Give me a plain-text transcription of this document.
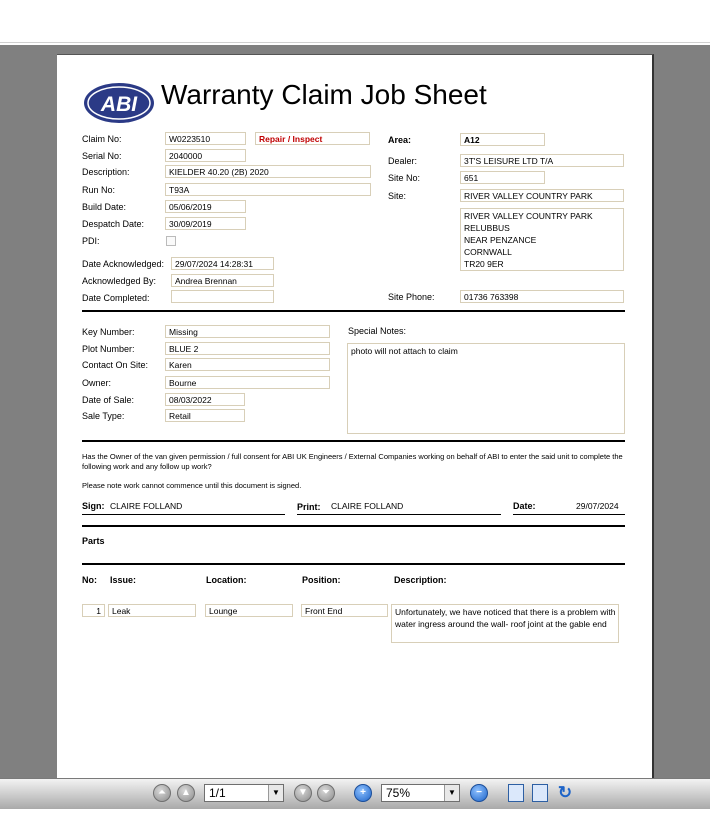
ABI Warranty Claim Job Sheet
Claim No:	W0223510	Repair / Inspect
Serial No:	2040000
Description:	KIELDER 40.20 (2B) 2020
Run No:	T93A
Build Date:	05/06/2019
Despatch Date:	30/09/2019
PDI:
Date Acknowledged:	29/07/2024 14:28:31
Acknowledged By:	Andrea Brennan
Date Completed:
Area:	A12
Dealer:	3T'S LEISURE LTD T/A
Site No:	651
Site:	RIVER VALLEY COUNTRY PARK
RIVER VALLEY COUNTRY PARK
RELUBBUS
NEAR PENZANCE
CORNWALL
TR20 9ER
Site Phone:	01736 763398
Key Number:	Missing
Plot Number:	BLUE 2
Contact On Site:	Karen
Owner:	Bourne
Date of Sale:	08/03/2022
Sale Type:	Retail
Special Notes:
photo will not attach to claim
Has the Owner of the van given permission / full consent for ABI UK Engineers / External Companies working on behalf of ABI to enter the said unit to complete the following work and any follow up work?
Please note work cannot commence until this document is signed.
Sign: CLAIRE FOLLAND	Print: CLAIRE FOLLAND	Date:	29/07/2024
Parts
No: Issue:	Location:	Position:	Description:
1	Leak	Lounge	Front End	Unfortunately, we have noticed that there is a problem with water ingress around the wall- roof joint at the gable end
⏶	▲	1/1	▼	▼	⏷	+	75%	▼	−	↻
